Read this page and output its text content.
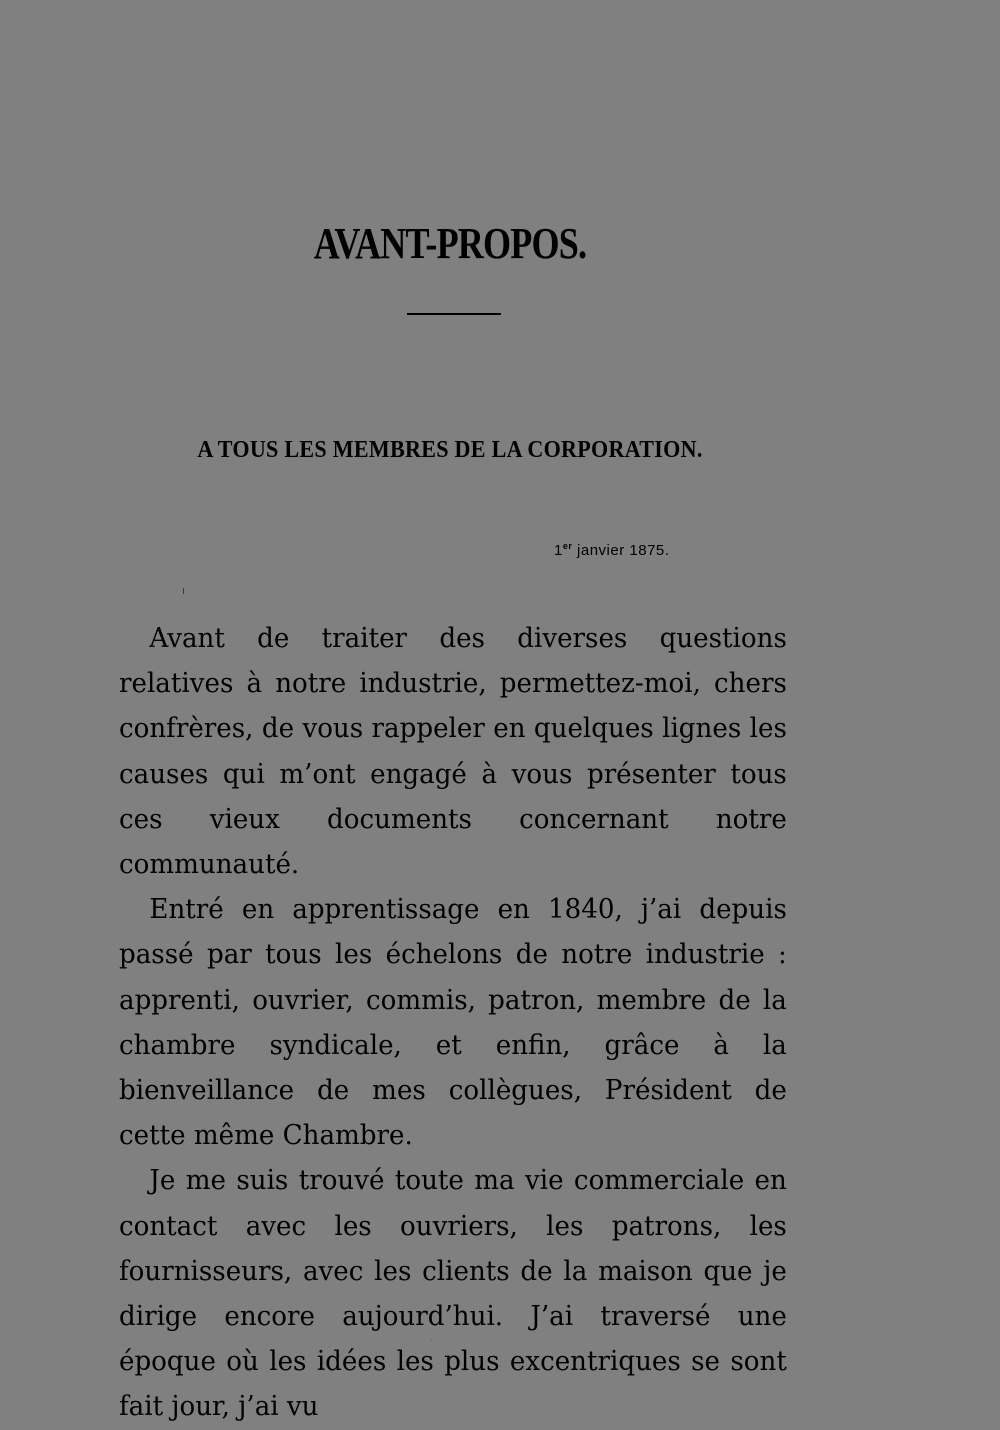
AVANT-PROPOS.
A TOUS LES MEMBRES DE LA CORPORATION.
1er janvier 1875.

Avant de traiter des diverses questions relatives à notre industrie, permettez-moi, chers confrères, de vous rappeler en quelques lignes les causes qui m’ont engagé à vous présenter tous ces vieux documents concernant notre communauté.

Entré en apprentissage en 1840, j’ai depuis passé par tous les échelons de notre industrie : apprenti, ouvrier, commis, patron, membre de la chambre syndicale, et enfin, grâce à la bienveillance de mes collègues, Président de cette même Chambre.

Je me suis trouvé toute ma vie commerciale en contact avec les ouvriers, les patrons, les fournisseurs, avec les clients de la maison que je dirige encore aujourd’hui. J’ai traversé une époque où les idées les plus excentriques se sont fait jour, j’ai vu
